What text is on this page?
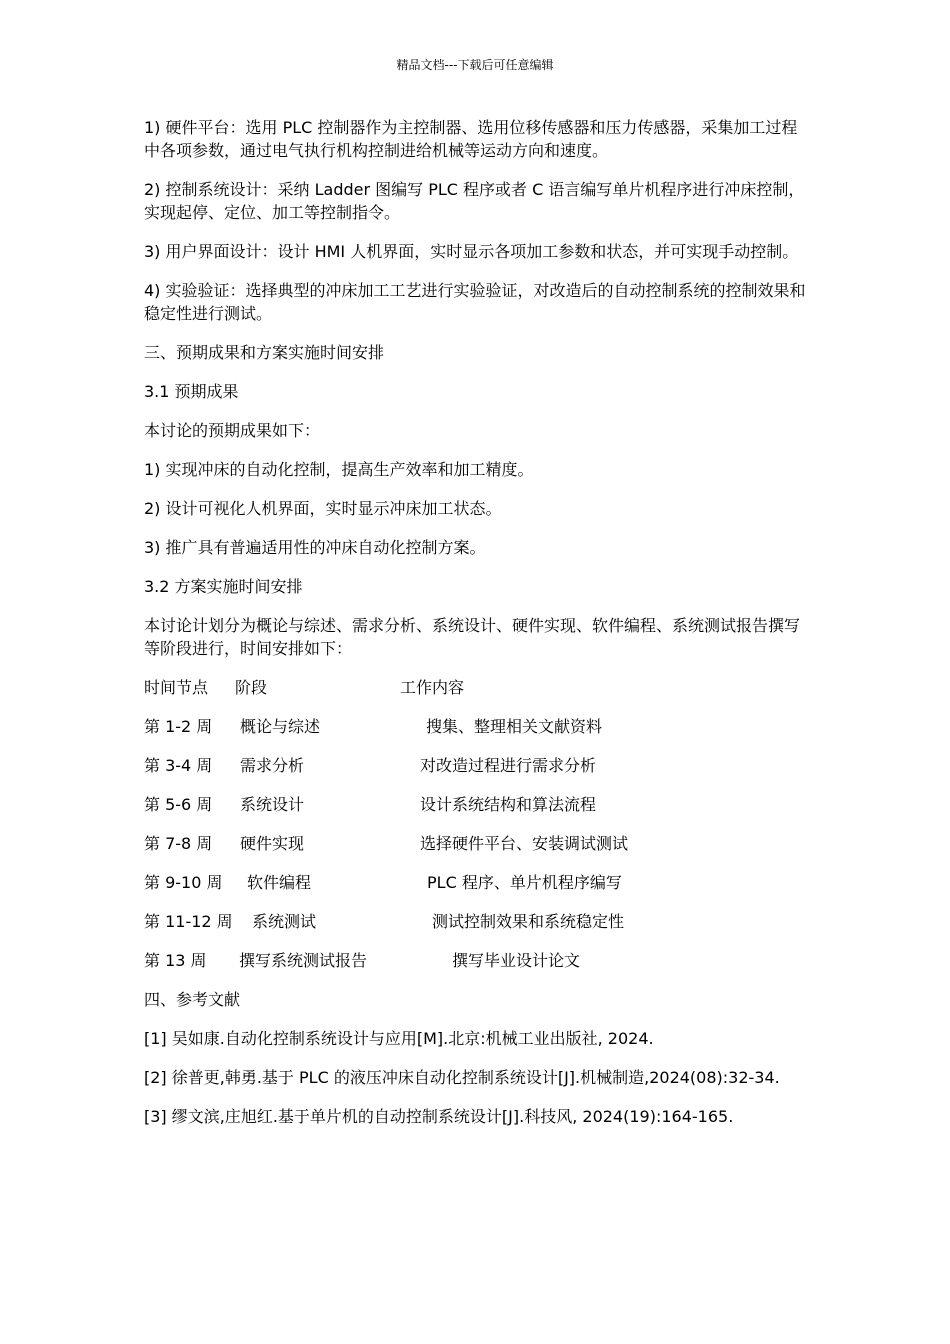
精品文档---下载后可任意编辑

1) 硬件平台：选用 PLC 控制器作为主控制器、选用位移传感器和压力传感器，采集加工过程中各项参数，通过电气执行机构控制进给机械等运动方向和速度。

2) 控制系统设计：采纳 Ladder 图编写 PLC 程序或者 C 语言编写单片机程序进行冲床控制，实现起停、定位、加工等控制指令。

3) 用户界面设计：设计 HMI 人机界面，实时显示各项加工参数和状态，并可实现手动控制。

4) 实验验证：选择典型的冲床加工工艺进行实验验证，对改造后的自动控制系统的控制效果和稳定性进行测试。

三、预期成果和方案实施时间安排

3.1 预期成果

本讨论的预期成果如下：

1) 实现冲床的自动化控制，提高生产效率和加工精度。

2) 设计可视化人机界面，实时显示冲床加工状态。

3) 推广具有普遍适用性的冲床自动化控制方案。

3.2 方案实施时间安排

本讨论计划分为概论与综述、需求分析、系统设计、硬件实现、软件编程、系统测试报告撰写等阶段进行，时间安排如下：

时间节点 阶段	工作内容
第 1-2 周 概论与综述	搜集、整理相关文献资料
第 3-4 周 需求分析	对改造过程进行需求分析
第 5-6 周 系统设计	设计系统结构和算法流程
第 7-8 周 硬件实现	选择硬件平台、安装调试测试
第 9-10 周 软件编程	PLC 程序、单片机程序编写
第 11-12 周 系统测试	测试控制效果和系统稳定性
第 13 周 撰写系统测试报告	撰写毕业设计论文

四、参考文献

[1] 吴如康.自动化控制系统设计与应用[M].北京:机械工业出版社, 2024.

[2] 徐普更,韩勇.基于 PLC 的液压冲床自动化控制系统设计[J].机械制造,2024(08):32-34.

[3] 缪文滨,庄旭红.基于单片机的自动控制系统设计[J].科技风, 2024(19):164-165.
